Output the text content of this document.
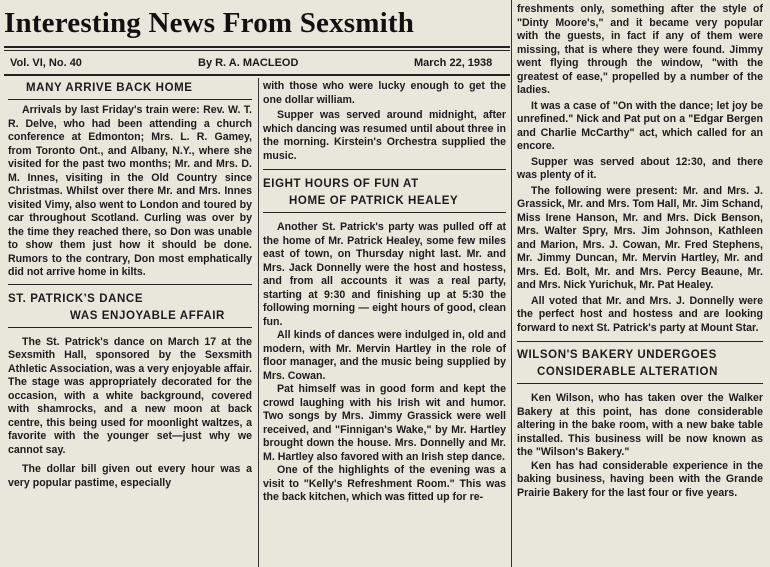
Interesting News From Sexsmith
Vol. VI, No. 40	By R. A. MACLEOD	March 22, 1938
MANY ARRIVE BACK HOME

Arrivals by last Friday's train were: Rev. W. T. R. Delve, who had been attending a church conference at Edmonton; Mrs. L. R. Gamey, from Toronto Ont., and Albany, N.Y., where she visited for the past two months; Mr. and Mrs. D. M. Innes, visiting in the Old Country since Christmas. Whilst over there Mr. and Mrs. Innes visited Vimy, also went to London and toured by car throughout Scotland. Curling was over by the time they reached there, so Don was unable to show them just how it should be done. Rumors to the contrary, Don most emphatically did not arrive home in kilts.

ST. PATRICK'S DANCE
WAS ENJOYABLE AFFAIR

The St. Patrick's dance on March 17 at the Sexsmith Hall, sponsored by the Sexsmith Athletic Association, was a very enjoyable affair. The stage was appropriately decorated for the occasion, with a white background, covered with shamrocks, and a new moon at back centre, this being used for moonlight waltzes, a favorite with the younger set—just why we cannot say.

The dollar bill given out every hour was a very popular pastime, especially

with those who were lucky enough to get the one dollar william.

Supper was served around midnight, after which dancing was resumed until about three in the morning. Kirstein's Orchestra supplied the music.

EIGHT HOURS OF FUN AT
HOME OF PATRICK HEALEY

Another St. Patrick's party was pulled off at the home of Mr. Patrick Healey, some few miles east of town, on Thursday night last. Mr. and Mrs. Jack Donnelly were the host and hostess, and from all accounts it was a real party, starting at 9:30 and finishing up at 5:30 the following morning — eight hours of good, clean fun.

All kinds of dances were indulged in, old and modern, with Mr. Mervin Hartley in the role of floor manager, and the music being supplied by Mrs. Cowan.

Pat himself was in good form and kept the crowd laughing with his Irish wit and humor. Two songs by Mrs. Jimmy Grassick were well received, and "Finnigan's Wake," by Mr. Hartley brought down the house. Mrs. Donnelly and Mr. M. Hartley also favored with an Irish step dance.

One of the highlights of the evening was a visit to "Kelly's Refreshment Room." This was the back kitchen, which was fitted up for re-

freshments only, something after the style of "Dinty Moore's," and it became very popular with the guests, in fact if any of them were missing, that is where they were found. Jimmy went flying through the window, "with the greatest of ease," propelled by a number of the ladies.

It was a case of "On with the dance; let joy be unrefined." Nick and Pat put on a "Edgar Bergen and Charlie McCarthy" act, which called for an encore.

Supper was served about 12:30, and there was plenty of it.

The following were present: Mr. and Mrs. J. Grassick, Mr. and Mrs. Tom Hall, Mr. Jim Schand, Miss Irene Hanson, Mr. and Mrs. Dick Benson, Mrs. Walter Spry, Mrs. Jim Johnson, Kathleen and Marion, Mrs. J. Cowan, Mr. Fred Stephens, Mr. Jimmy Duncan, Mr. Mervin Hartley, Mr. and Mrs. Ed. Bolt, Mr. and Mrs. Percy Beaune, Mr. and Mrs. Nick Yurichuk, Mr. Pat Healey.

All voted that Mr. and Mrs. J. Donnelly were the perfect host and hostess and are looking forward to next St. Patrick's party at Mount Star.

WILSON'S BAKERY UNDERGOES
CONSIDERABLE ALTERATION

Ken Wilson, who has taken over the Walker Bakery at this point, has done considerable altering in the bake room, with a new bake table installed. This business will be now known as the "Wilson's Bakery."

Ken has had considerable experience in the baking business, having been with the Grande Prairie Bakery for the last four or five years.
